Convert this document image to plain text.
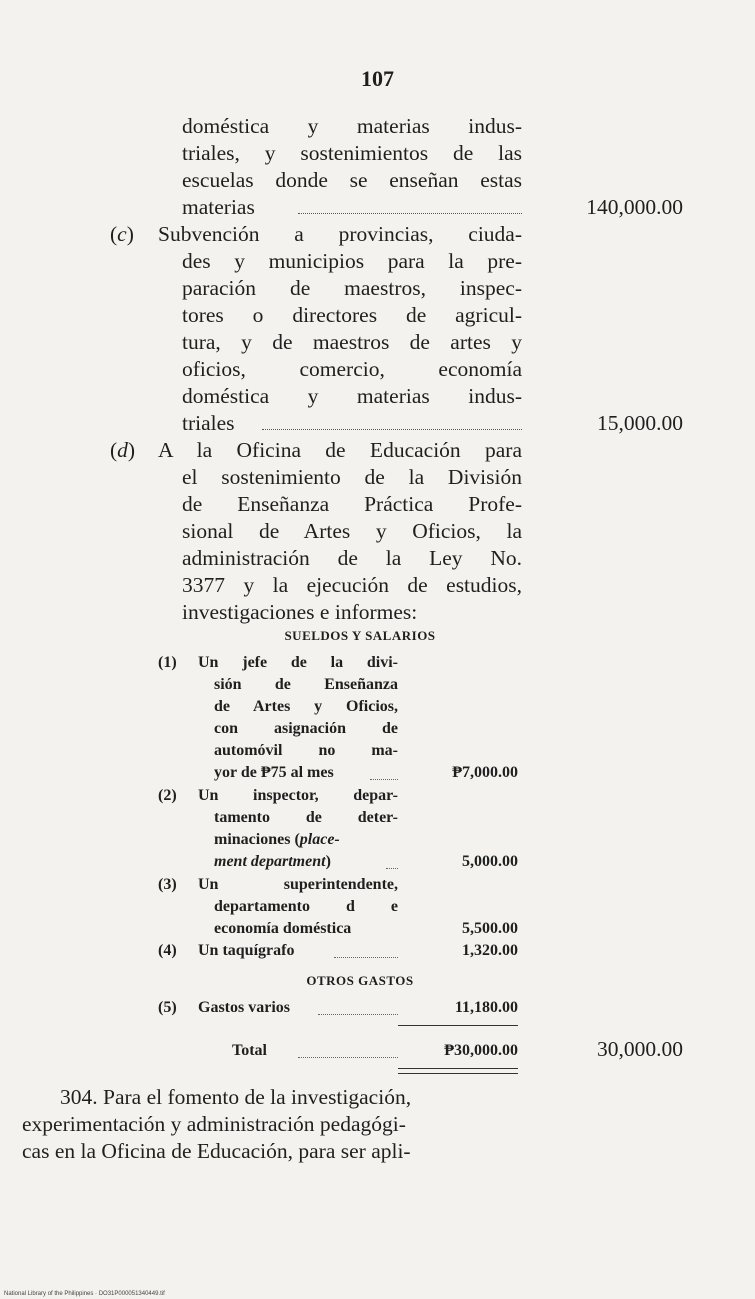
107
doméstica y materias indus-
triales, y sostenimientos de las
escuelas donde se enseñan estas
materias	140,000.00
(c) Subvención a provincias, ciuda-
des y municipios para la pre-
paración de maestros, inspec-
tores o directores de agricul-
tura, y de maestros de artes y
oficios, comercio, economía
doméstica y materias indus-
triales	15,000.00
(d) A la Oficina de Educación para
el sostenimiento de la División
de Enseñanza Práctica Profe-
sional de Artes y Oficios, la
administración de la Ley No.
3377 y la ejecución de estudios,
investigaciones e informes:
SUELDOS Y SALARIOS
(1) Un jefe de la divi-
sión de Enseñanza
de Artes y Oficios,
con asignación de
automóvil no ma-
yor de ₱75 al mes	₱7,000.00
(2) Un inspector, depar-
tamento de deter-
minaciones (place-
ment department)	5,000.00
(3) Un superintendente,
departamento d e
economía doméstica	5,500.00
(4) Un taquígrafo	1,320.00
OTROS GASTOS
(5) Gastos varios	11,180.00
Total	₱30,000.00	30,000.00
304. Para el fomento de la investigación,
experimentación y administración pedagógi-
cas en la Oficina de Educación, para ser apli-
National Library of the Philippines · DO31P000051340449.tif
